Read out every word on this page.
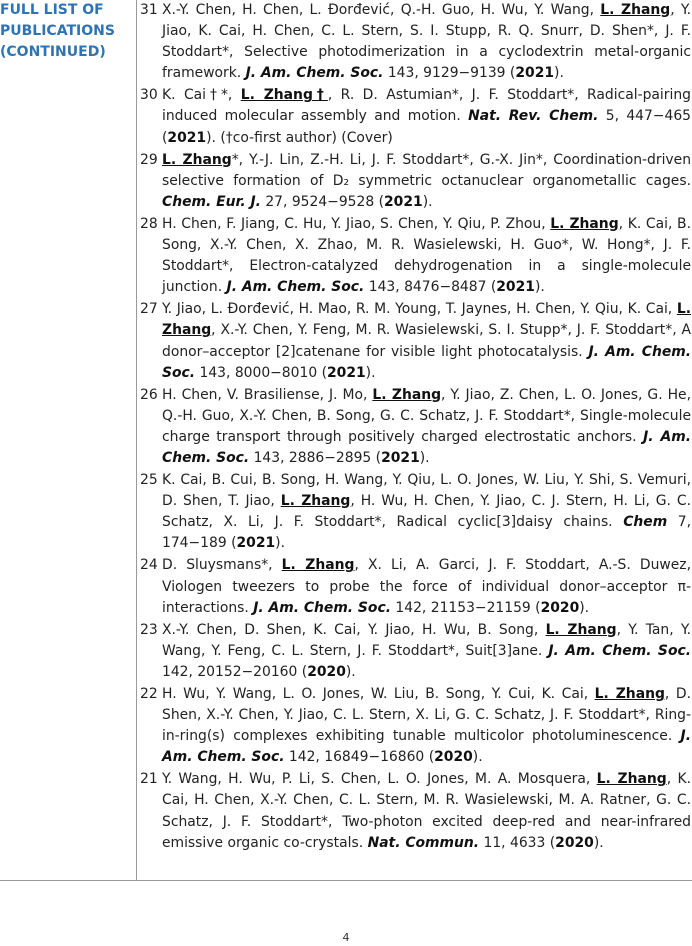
FULL LIST OF
PUBLICATIONS
(CONTINUED)
31 X.-Y. Chen, H. Chen, L. Đorđević, Q.-H. Guo, H. Wu, Y. Wang, L. Zhang, Y. Jiao, K. Cai, H. Chen, C. L. Stern, S. I. Stupp, R. Q. Snurr, D. Shen*, J. F. Stoddart*, Selective photodimerization in a cyclodextrin metal-organic framework. J. Am. Chem. Soc. 143, 9129−9139 (2021).
30 K. Cai†*, L. Zhang†, R. D. Astumian*, J. F. Stoddart*, Radical-pairing induced molecular assembly and motion. Nat. Rev. Chem. 5, 447−465 (2021). (†co-first author) (Cover)
29 L. Zhang*, Y.-J. Lin, Z.-H. Li, J. F. Stoddart*, G.-X. Jin*, Coordination-driven selective formation of D₂ symmetric octanuclear organometallic cages. Chem. Eur. J. 27, 9524−9528 (2021).
28 H. Chen, F. Jiang, C. Hu, Y. Jiao, S. Chen, Y. Qiu, P. Zhou, L. Zhang, K. Cai, B. Song, X.-Y. Chen, X. Zhao, M. R. Wasielewski, H. Guo*, W. Hong*, J. F. Stoddart*, Electron-catalyzed dehydrogenation in a single-molecule junction. J. Am. Chem. Soc. 143, 8476−8487 (2021).
27 Y. Jiao, L. Đorđević, H. Mao, R. M. Young, T. Jaynes, H. Chen, Y. Qiu, K. Cai, L. Zhang, X.-Y. Chen, Y. Feng, M. R. Wasielewski, S. I. Stupp*, J. F. Stoddart*, A donor–acceptor [2]catenane for visible light photocatalysis. J. Am. Chem. Soc. 143, 8000−8010 (2021).
26 H. Chen, V. Brasiliense, J. Mo, L. Zhang, Y. Jiao, Z. Chen, L. O. Jones, G. He, Q.-H. Guo, X.-Y. Chen, B. Song, G. C. Schatz, J. F. Stoddart*, Single-molecule charge transport through positively charged electrostatic anchors. J. Am. Chem. Soc. 143, 2886−2895 (2021).
25 K. Cai, B. Cui, B. Song, H. Wang, Y. Qiu, L. O. Jones, W. Liu, Y. Shi, S. Vemuri, D. Shen, T. Jiao, L. Zhang, H. Wu, H. Chen, Y. Jiao, C. J. Stern, H. Li, G. C. Schatz, X. Li, J. F. Stoddart*, Radical cyclic[3]daisy chains. Chem 7, 174−189 (2021).
24 D. Sluysmans*, L. Zhang, X. Li, A. Garci, J. F. Stoddart, A.-S. Duwez, Viologen tweezers to probe the force of individual donor–acceptor π-interactions. J. Am. Chem. Soc. 142, 21153−21159 (2020).
23 X.-Y. Chen, D. Shen, K. Cai, Y. Jiao, H. Wu, B. Song, L. Zhang, Y. Tan, Y. Wang, Y. Feng, C. L. Stern, J. F. Stoddart*, Suit[3]ane. J. Am. Chem. Soc. 142, 20152−20160 (2020).
22 H. Wu, Y. Wang, L. O. Jones, W. Liu, B. Song, Y. Cui, K. Cai, L. Zhang, D. Shen, X.-Y. Chen, Y. Jiao, C. L. Stern, X. Li, G. C. Schatz, J. F. Stoddart*, Ring-in-ring(s) complexes exhibiting tunable multicolor photoluminescence. J. Am. Chem. Soc. 142, 16849−16860 (2020).
21 Y. Wang, H. Wu, P. Li, S. Chen, L. O. Jones, M. A. Mosquera, L. Zhang, K. Cai, H. Chen, X.-Y. Chen, C. L. Stern, M. R. Wasielewski, M. A. Ratner, G. C. Schatz, J. F. Stoddart*, Two-photon excited deep-red and near-infrared emissive organic co-crystals. Nat. Commun. 11, 4633 (2020).
4
